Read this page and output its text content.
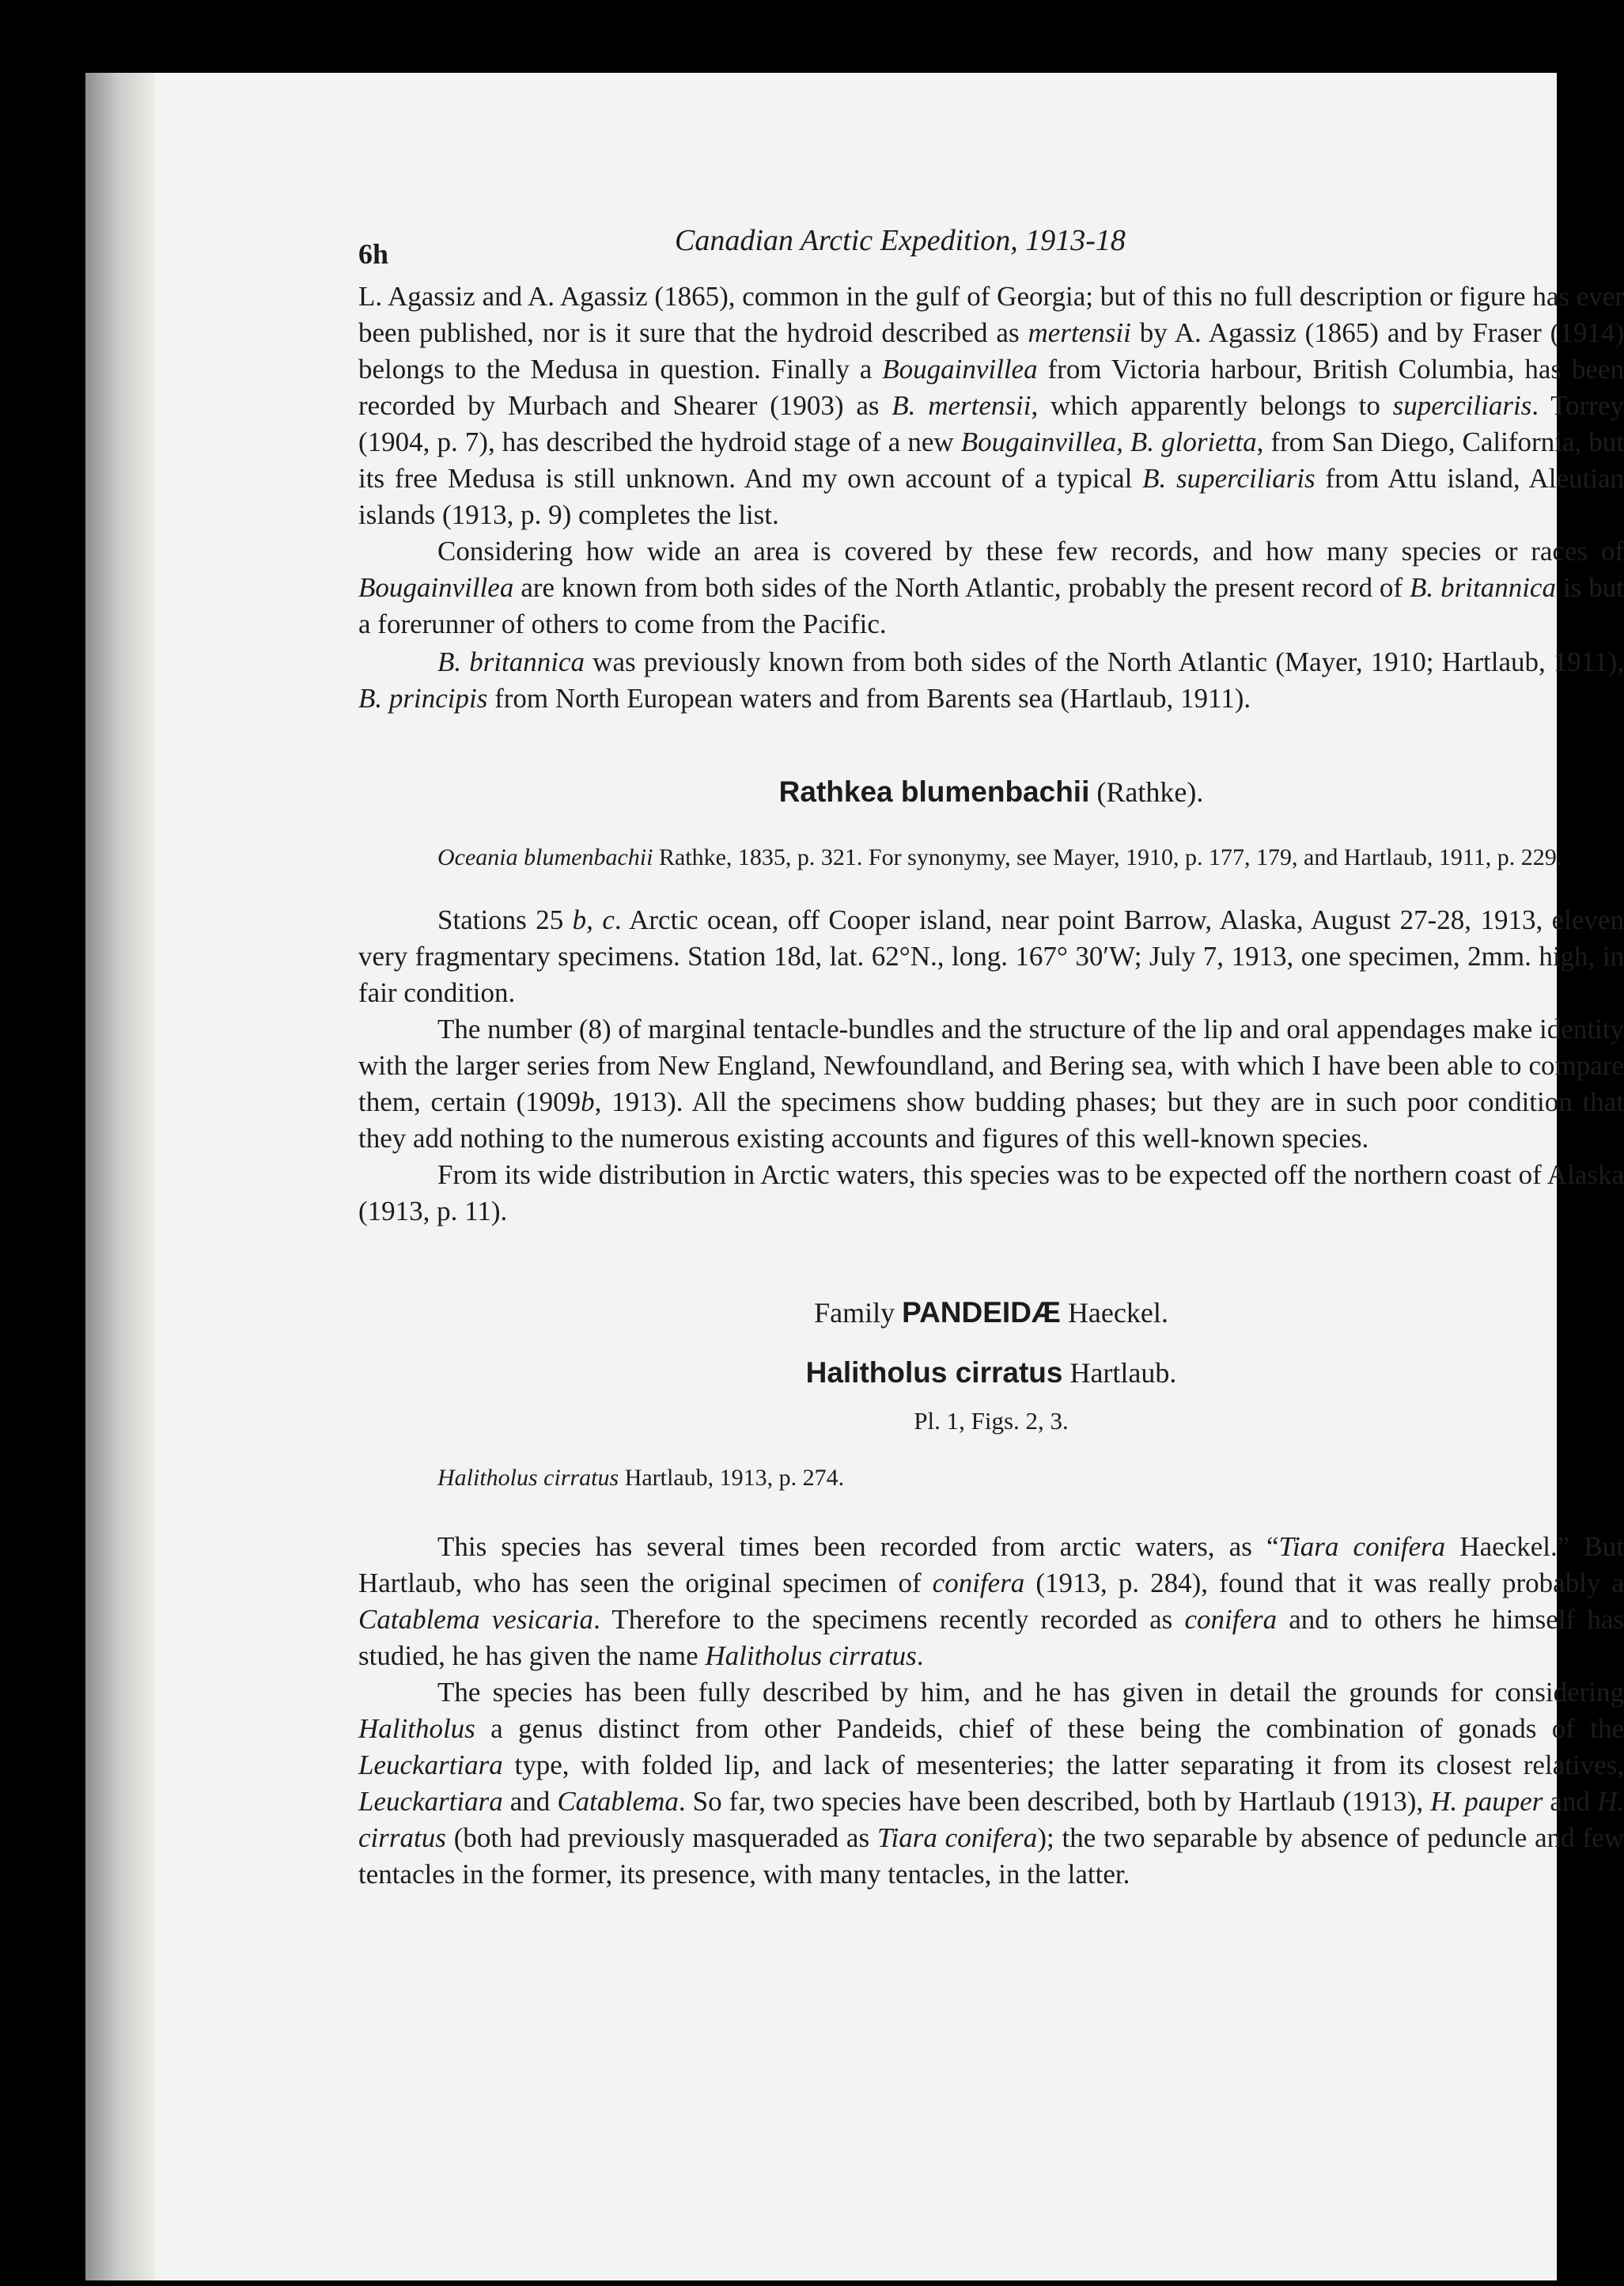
6h	Canadian Arctic Expedition, 1913-18

L. Agassiz and A. Agassiz (1865), common in the gulf of Georgia; but of this no full description or figure has ever been published, nor is it sure that the hydroid described as mertensii by A. Agassiz (1865) and by Fraser (1914) belongs to the Medusa in question. Finally a Bougainvillea from Victoria harbour, British Columbia, has been recorded by Murbach and Shearer (1903) as B. mertensii, which apparently belongs to superciliaris. Torrey (1904, p. 7), has described the hydroid stage of a new Bougainvillea, B. glorietta, from San Diego, California, but its free Medusa is still unknown. And my own account of a typical B. superciliaris from Attu island, Aleutian islands (1913, p. 9) completes the list.

Considering how wide an area is covered by these few records, and how many species or races of Bougainvillea are known from both sides of the North Atlantic, probably the present record of B. britannica is but a forerunner of others to come from the Pacific.

B. britannica was previously known from both sides of the North Atlantic (Mayer, 1910; Hartlaub, 1911), B. principis from North European waters and from Barents sea (Hartlaub, 1911).

Rathkea blumenbachii (Rathke).

Oceania blumenbachii Rathke, 1835, p. 321. For synonymy, see Mayer, 1910, p. 177, 179, and Hartlaub, 1911, p. 229.

Stations 25 b, c. Arctic ocean, off Cooper island, near point Barrow, Alaska, August 27-28, 1913, eleven very fragmentary specimens. Station 18d, lat. 62°N., long. 167° 30′W; July 7, 1913, one specimen, 2mm. high, in fair condition.

The number (8) of marginal tentacle-bundles and the structure of the lip and oral appendages make identity with the larger series from New England, Newfoundland, and Bering sea, with which I have been able to compare them, certain (1909b, 1913). All the specimens show budding phases; but they are in such poor condition that they add nothing to the numerous existing accounts and figures of this well-known species.

From its wide distribution in Arctic waters, this species was to be expected off the northern coast of Alaska (1913, p. 11).

Family PANDEIDÆ Haeckel.
Halitholus cirratus Hartlaub.
Pl. 1, Figs. 2, 3.

Halitholus cirratus Hartlaub, 1913, p. 274.

This species has several times been recorded from arctic waters, as “Tiara conifera Haeckel.” But Hartlaub, who has seen the original specimen of conifera (1913, p. 284), found that it was really probably a Catablema vesicaria. Therefore to the specimens recently recorded as conifera and to others he himself has studied, he has given the name Halitholus cirratus.

The species has been fully described by him, and he has given in detail the grounds for considering Halitholus a genus distinct from other Pandeids, chief of these being the combination of gonads of the Leuckartiara type, with folded lip, and lack of mesenteries; the latter separating it from its closest relatives, Leuckartiara and Catablema. So far, two species have been described, both by Hartlaub (1913), H. pauper and H. cirratus (both had previously masqueraded as Tiara conifera); the two separable by absence of peduncle and few tentacles in the former, its presence, with many tentacles, in the latter.
